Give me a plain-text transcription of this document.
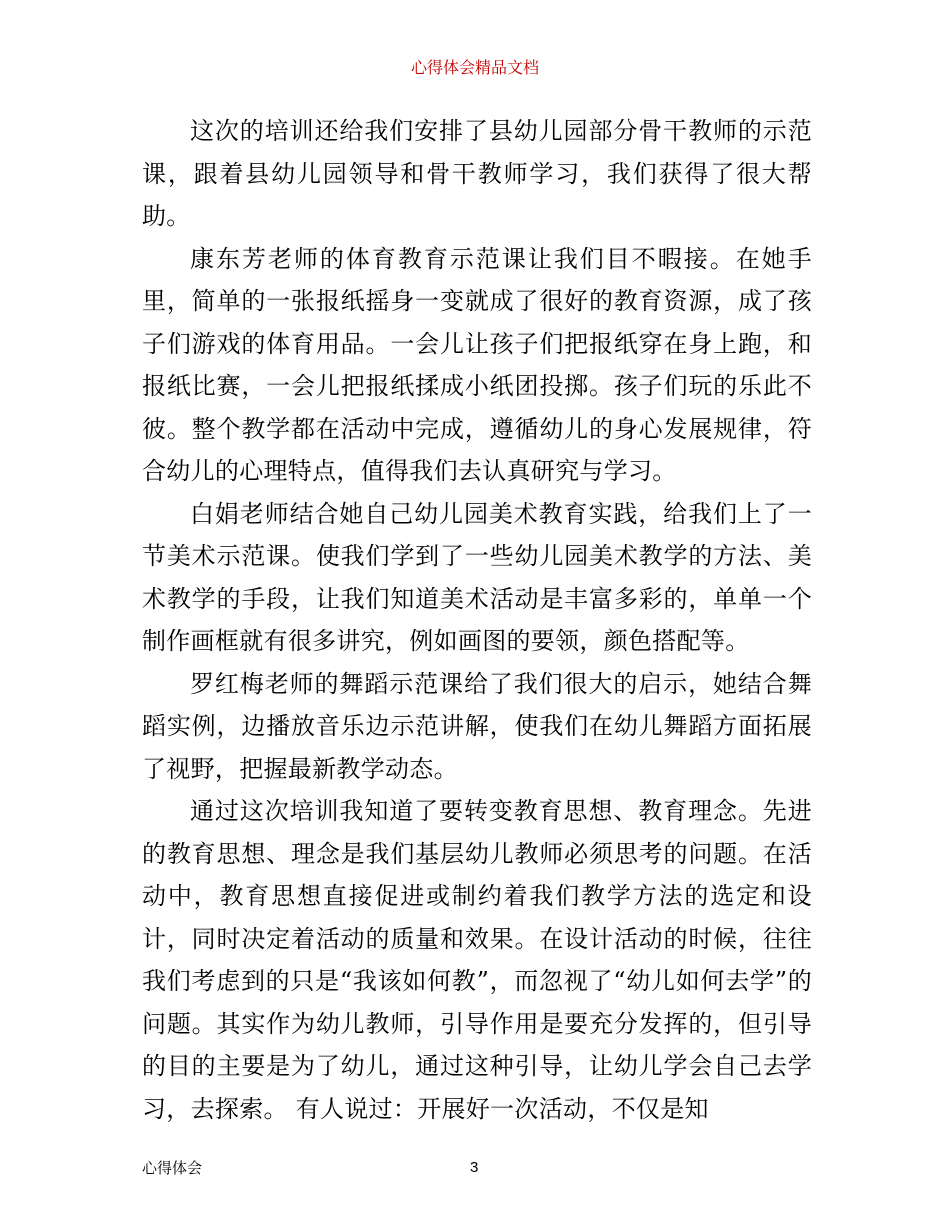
心得体会精品文档

这次的培训还给我们安排了县幼儿园部分骨干教师的示范课，跟着县幼儿园领导和骨干教师学习，我们获得了很大帮助。

康东芳老师的体育教育示范课让我们目不暇接。在她手里，简单的一张报纸摇身一变就成了很好的教育资源，成了孩子们游戏的体育用品。一会儿让孩子们把报纸穿在身上跑，和报纸比赛，一会儿把报纸揉成小纸团投掷。孩子们玩的乐此不彼。整个教学都在活动中完成，遵循幼儿的身心发展规律，符合幼儿的心理特点，值得我们去认真研究与学习。

白娟老师结合她自己幼儿园美术教育实践，给我们上了一节美术示范课。使我们学到了一些幼儿园美术教学的方法、美术教学的手段，让我们知道美术活动是丰富多彩的，单单一个制作画框就有很多讲究，例如画图的要领，颜色搭配等。

罗红梅老师的舞蹈示范课给了我们很大的启示，她结合舞蹈实例，边播放音乐边示范讲解，使我们在幼儿舞蹈方面拓展了视野，把握最新教学动态。

通过这次培训我知道了要转变教育思想、教育理念。先进的教育思想、理念是我们基层幼儿教师必须思考的问题。在活动中，教育思想直接促进或制约着我们教学方法的选定和设计，同时决定着活动的质量和效果。在设计活动的时候，往往我们考虑到的只是“我该如何教”，而忽视了“幼儿如何去学”的问题。其实作为幼儿教师，引导作用是要充分发挥的，但引导的目的主要是为了幼儿，通过这种引导，让幼儿学会自己去学习，去探索。 有人说过：开展好一次活动，不仅是知

心得体会	3
